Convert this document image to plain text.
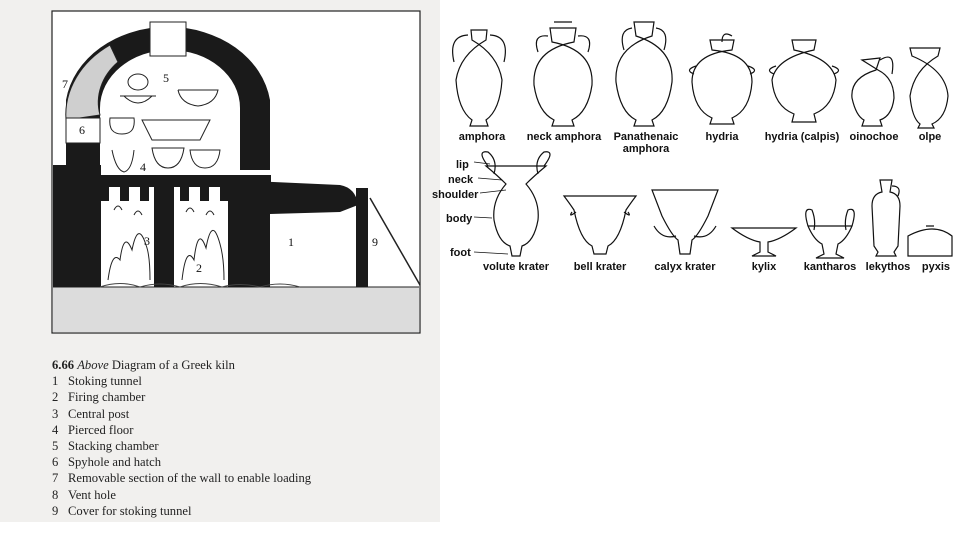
8
5
7
6
4
3
2
1	9
6.66 Above Diagram of a Greek kiln
1 Stoking tunnel
2 Firing chamber
3 Central post
4 Pierced floor
5 Stacking chamber
6 Spyhole and hatch
7 Removable section of the wall to enable loading
8 Vent hole
9 Cover for stoking tunnel
amphora neck amphora Panathenaic
amphora
hydria hydria (calpis) oinochoe olpe
lip
neck
shoulder
body
foot
volute krater bell krater	calyx krater	kylix kantharos lekythos pyxis
